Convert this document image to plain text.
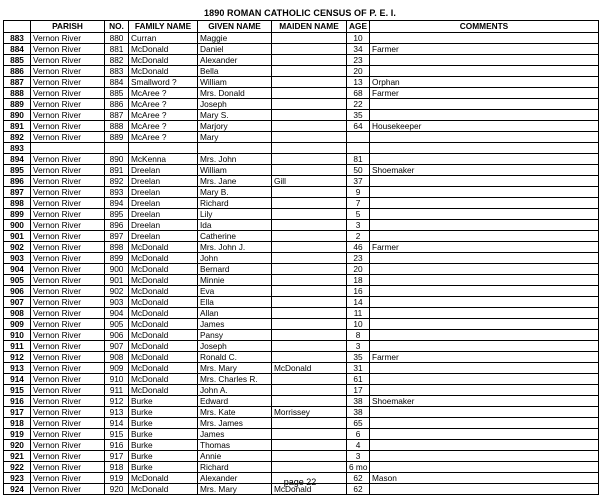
1890 ROMAN CATHOLIC CENSUS OF P. E. I.
	PARISH	NO.	FAMILY NAME	GIVEN NAME	MAIDEN NAME	AGE	COMMENTS
883	Vernon River	880	Curran	Maggie		10	
884	Vernon River	881	McDonald	Daniel		34	Farmer
885	Vernon River	882	McDonald	Alexander		23	
886	Vernon River	883	McDonald	Bella		20	
887	Vernon River	884	Smallword ?	William		13	Orphan
888	Vernon River	885	McAree ?	Mrs. Donald		68	Farmer
889	Vernon River	886	McAree ?	Joseph		22	
890	Vernon River	887	McAree ?	Mary S.		35	
891	Vernon River	888	McAree ?	Marjory		64	Housekeeper
892	Vernon River	889	McAree ?	Mary			
893							
894	Vernon River	890	McKenna	Mrs. John		81	
895	Vernon River	891	Dreelan	William		50	Shoemaker
896	Vernon River	892	Dreelan	Mrs. Jane	Gill	37	
897	Vernon River	893	Dreelan	Mary B.		9	
898	Vernon River	894	Dreelan	Richard		7	
899	Vernon River	895	Dreelan	Lily		5	
900	Vernon River	896	Dreelan	Ida		3	
901	Vernon River	897	Dreelan	Catherine		2	
902	Vernon River	898	McDonald	Mrs. John J.		46	Farmer
903	Vernon River	899	McDonald	John		23	
904	Vernon River	900	McDonald	Bernard		20	
905	Vernon River	901	McDonald	Minnie		18	
906	Vernon River	902	McDonald	Eva		16	
907	Vernon River	903	McDonald	Ella		14	
908	Vernon River	904	McDonald	Allan		11	
909	Vernon River	905	McDonald	James		10	
910	Vernon River	906	McDonald	Pansy		8	
911	Vernon River	907	McDonald	Joseph		3	
912	Vernon River	908	McDonald	Ronald C.		35	Farmer
913	Vernon River	909	McDonald	Mrs. Mary	McDonald	31	
914	Vernon River	910	McDonald	Mrs. Charles R.		61	
915	Vernon River	911	McDonald	John A.		17	
916	Vernon River	912	Burke	Edward		38	Shoemaker
917	Vernon River	913	Burke	Mrs. Kate	Morrissey	38	
918	Vernon River	914	Burke	Mrs. James		65	
919	Vernon River	915	Burke	James		6	
920	Vernon River	916	Burke	Thomas		4	
921	Vernon River	917	Burke	Annie		3	
922	Vernon River	918	Burke	Richard		6 mo	
923	Vernon River	919	McDonald	Alexander		62	Mason
924	Vernon River	920	McDonald	Mrs. Mary	McDonald	62	
page 22
